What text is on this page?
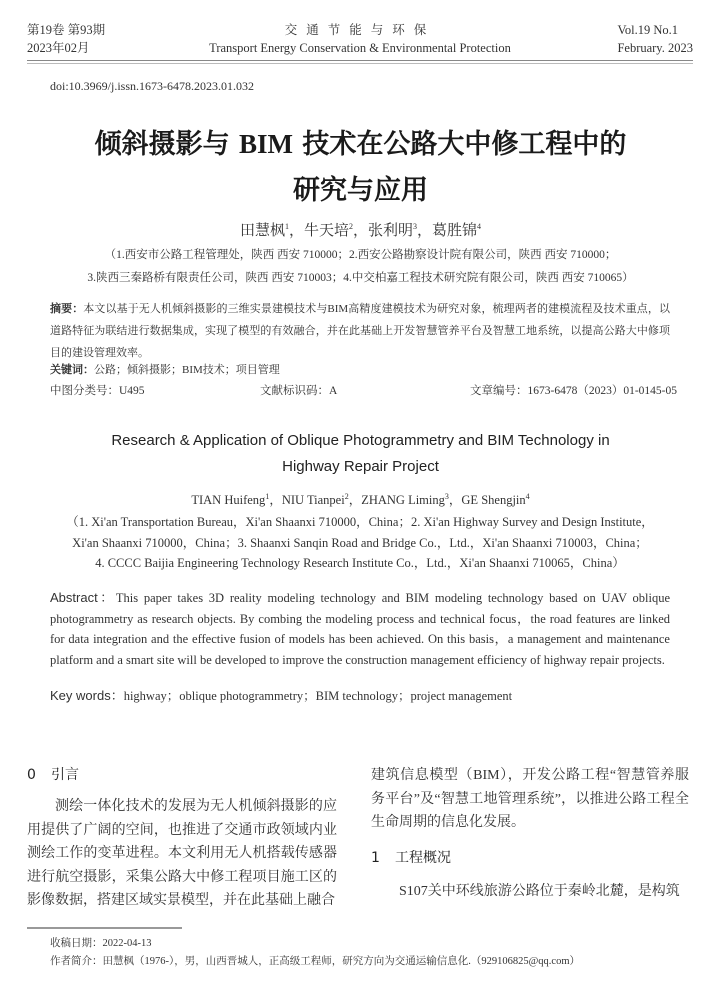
第19卷 第93期
2023年02月
交通节能与环保
Transport Energy Conservation & Environmental Protection
Vol.19 No.1
February. 2023
doi:10.3969/j.issn.1673-6478.2023.01.032
倾斜摄影与 BIM 技术在公路大中修工程中的
研究与应用
田慧枫$^1$，牛天培$^2$，张利明$^3$，葛胜锦$^4$
（1.西安市公路工程管理处，陕西 西安 710000；2.西安公路勘察设计院有限公司，陕西 西安 710000；
3.陕西三秦路桥有限责任公司，陕西 西安 710003；4.中交柏嘉工程技术研究院有限公司，陕西 西安 710065）
摘要：本文以基于无人机倾斜摄影的三维实景建模技术与BIM高精度建模技术为研究对象，梳理两者的建模流程及技术重点，以道路特征为联结进行数据集成，实现了模型的有效融合，并在此基础上开发智慧管养平台及智慧工地系统，以提高公路大中修项目的建设管理效率。
关键词：公路；倾斜摄影；BIM技术；项目管理
中图分类号：U495	文献标识码：A	文章编号：1673-6478（2023）01-0145-05
Research & Application of Oblique Photogrammetry and BIM Technology in
Highway Repair Project
TIAN Huifeng$^1$，NIU Tianpei$^2$，ZHANG Liming$^3$，GE Shengjin$^4$
（1. Xi'an Transportation Bureau，Xi'an Shaanxi 710000，China；2. Xi'an Highway Survey and Design Institute，
Xi'an Shaanxi 710000，China；3. Shaanxi Sanqin Road and Bridge Co.，Ltd.，Xi'an Shaanxi 710003，China；
4. CCCC Baijia Engineering Technology Research Institute Co.，Ltd.，Xi'an Shaanxi 710065，China）
Abstract：This paper takes 3D reality modeling technology and BIM modeling technology based on UAV oblique photogrammetry as research objects. By combing the modeling process and technical focus，the road features are linked for data integration and the effective fusion of models has been achieved. On this basis，a management and maintenance platform and a smart site will be developed to improve the construction management efficiency of highway repair projects.
Key words：highway；oblique photogrammetry；BIM technology；project management
0 引言
测绘一体化技术的发展为无人机倾斜摄影的应用提供了广阔的空间，也推进了交通市政领域内业测绘工作的变革进程。本文利用无人机搭载传感器进行航空摄影，采集公路大中修工程项目施工区的影像数据，搭建区域实景模型，并在此基础上融合
建筑信息模型（BIM），开发公路工程“智慧管养服务平台”及“智慧工地管理系统”，以推进公路工程全生命周期的信息化发展。
1 工程概况
S107关中环线旅游公路位于秦岭北麓，是构筑
收稿日期：2022-04-13
作者简介：田慧枫（1976-），男，山西晋城人，正高级工程师，研究方向为交通运输信息化.（929106825@qq.com）
